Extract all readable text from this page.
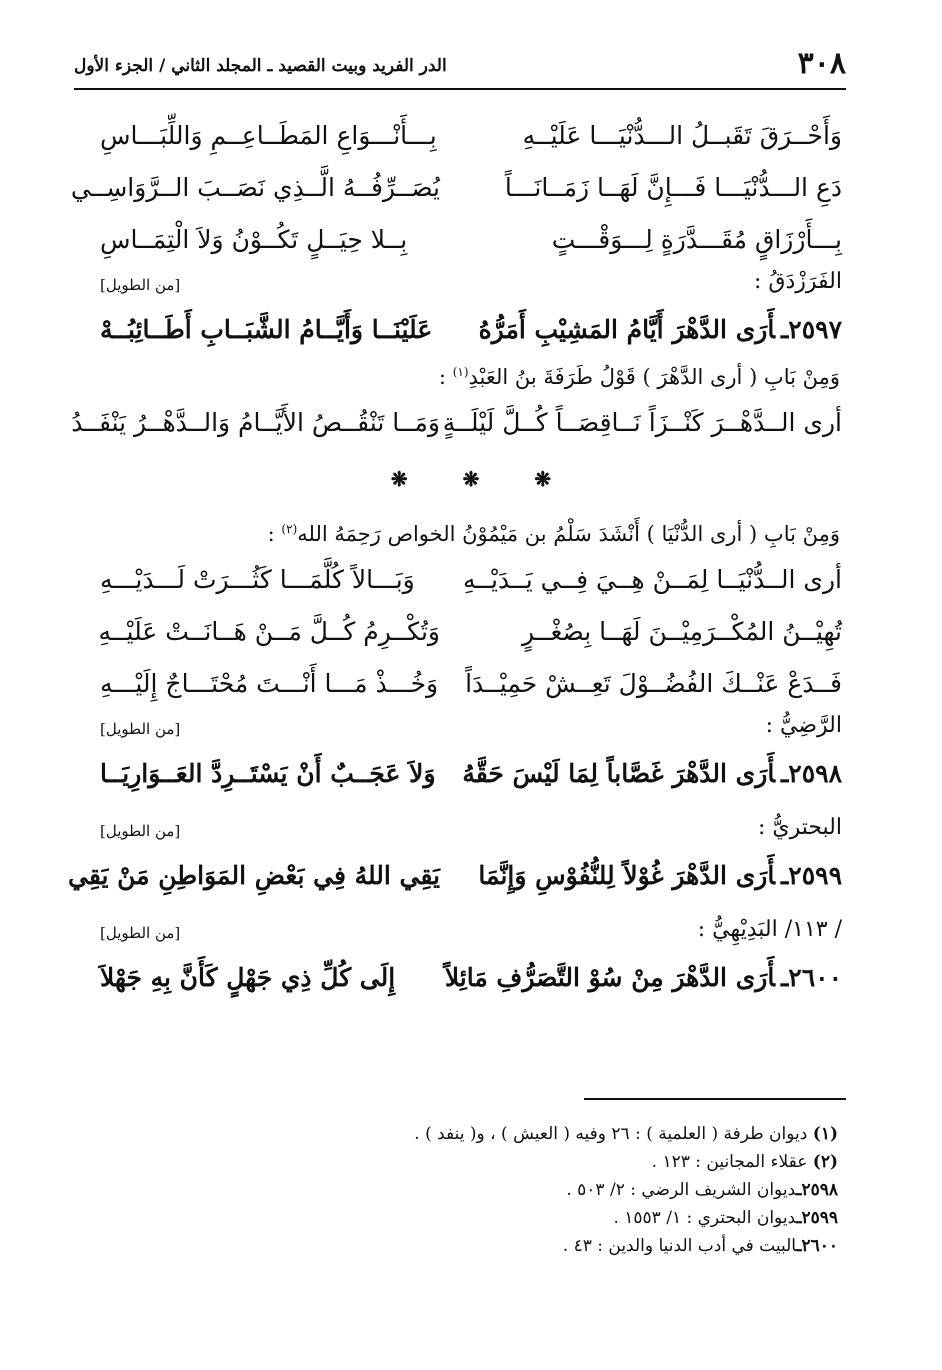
٣٠٨
الدر الفريد وبيت القصيد ـ المجلد الثاني / الجزء الأول
وَأَحْــرَقَ تَقَبــلُ الـــدُّنْيَـــا عَلَيْــهِ
بِـــأَنْـــوَاعِ المَطَــاعِــمِ وَاللِّبَـــاسِ
دَعِ الـــدُّنْيَـــا فَـــإِنَّ لَهَــا زَمَــانَـــاً
يُصَــرِّفُــهُ الَّــذِي نَصَــبَ الــرَّوَاسِــي
بِـــأَرْزَاقٍ مُقَـــدَّرَةٍ لِـــوَقْـــتٍ
بِــلا حِيَــلٍ تَكُــوْنُ وَلاَ الْتِمَــاسِ
الفَرَزْدَقُ :
[من الطويل]
٢٥٩٧ـأَرَى الدَّهْرَ أَيَّامُ المَشِيْبِ أَمَرُّهُ
عَلَيْنَــا وَأَيَّــامُ الشَّبَــابِ أَطَــائِبُــهْ
وَمِنْ بَابِ ( أرى الدَّهْرَ ) قَوْلُ طَرَفَةَ بنُ العَبْدِ$^{(١)}$ :
أرى الــدَّهْــرَ كَنْــزَاً نَــاقِصَــاً كُــلَّ لَيْلَــةٍ
وَمَــا تَنْقُــصُ الأَيَّــامُ وَالــدَّهْــرُ يَنْفَــدُ
❋ ❋ ❋
وَمِنْ بَابِ ( أرى الدُّنْيَا ) أَنْشَدَ سَلْمُ بن مَيْمُوْنُ الخواص رَحِمَهُ الله$^{(٢)}$ :
أرى الــدُّنْيَــا لِمَــنْ هِــيَ فِــي يَــدَيْــهِ
وَبَـــالاً كُلَّمَـــا كَثُـــرَتْ لَـــدَيْـــهِ
تُهِيْــنُ المُكْــرَمِيْــنَ لَهَــا بِصُغْــرٍ
وَتُكْــرِمُ كُــلَّ مَــنْ هَــانَــتْ عَلَيْــهِ
فَــدَعْ عَنْــكَ الفُضُــوْلَ تَعِــشْ حَمِيْــدَاً
وَخُـــذْ مَـــا أَنْـــتَ مُحْتَـــاجٌ إِلَيْـــهِ
الرَّضِيُّ :
[من الطويل]
٢٥٩٨ـأَرَى الدَّهْرَ غَصَّاباً لِمَا لَيْسَ حَقَّهُ
وَلاَ عَجَــبٌ أَنْ يَسْتَــرِدَّ العَــوَارِيَــا
البحتريُّ :
[من الطويل]
٢٥٩٩ـأَرَى الدَّهْرَ غُوْلاً لِلنُّفُوْسِ وَإِنَّمَا
يَقِي اللهُ فِي بَعْضِ المَوَاطِنِ مَنْ يَقِي
/ ١١٣/ البَدِيْهِيُّ :
[من الطويل]
٢٦٠٠ـأَرَى الدَّهْرَ مِنْ سُوْ التَّصَرُّفِ مَائِلاً
إِلَى كُلِّ ذِي جَهْلٍ كَأَنَّ بِهِ جَهْلاَ
(١) ديوان طرفة ( العلمية ) : ٢٦ وفيه ( العيش ) ، و( ينفد ) .
(٢) عقلاء المجانين : ١٢٣ .
٢٥٩٨ـديوان الشريف الرضي : ٢/ ٥٠٣ .
٢٥٩٩ـديوان البحتري : ١/ ١٥٥٣ .
٢٦٠٠ـالبيت في أدب الدنيا والدين : ٤٣ .
